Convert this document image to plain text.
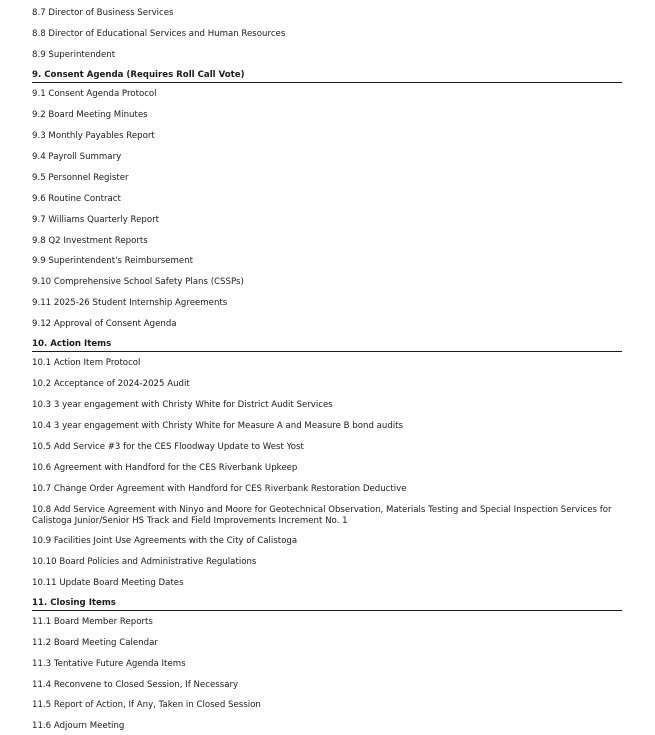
8.7 Director of Business Services
8.8 Director of Educational Services and Human Resources
8.9 Superintendent
9. Consent Agenda (Requires Roll Call Vote)
9.1 Consent Agenda Protocol
9.2 Board Meeting Minutes
9.3 Monthly Payables Report
9.4 Payroll Summary
9.5 Personnel Register
9.6 Routine Contract
9.7 Williams Quarterly Report
9.8 Q2 Investment Reports
9.9 Superintendent's Reimbursement
9.10 Comprehensive School Safety Plans (CSSPs)
9.11 2025-26 Student Internship Agreements
9.12 Approval of Consent Agenda
10. Action Items
10.1 Action Item Protocol
10.2 Acceptance of 2024-2025 Audit
10.3 3 year engagement with Christy White for District Audit Services
10.4 3 year engagement with Christy White for Measure A and Measure B bond audits
10.5 Add Service #3 for the CES Floodway Update to West Yost
10.6 Agreement with Handford for the CES Riverbank Upkeep
10.7 Change Order Agreement with Handford for CES Riverbank Restoration Deductive
10.8 Add Service Agreement with Ninyo and Moore for Geotechnical Observation, Materials Testing and Special Inspection Services for Calistoga Junior/Senior HS Track and Field Improvements Increment No. 1
10.9 Facilities Joint Use Agreements with the City of Calistoga
10.10 Board Policies and Administrative Regulations
10.11 Update Board Meeting Dates
11. Closing Items
11.1 Board Member Reports
11.2 Board Meeting Calendar
11.3 Tentative Future Agenda Items
11.4 Reconvene to Closed Session, If Necessary
11.5 Report of Action, If Any, Taken in Closed Session
11.6 Adjourn Meeting
